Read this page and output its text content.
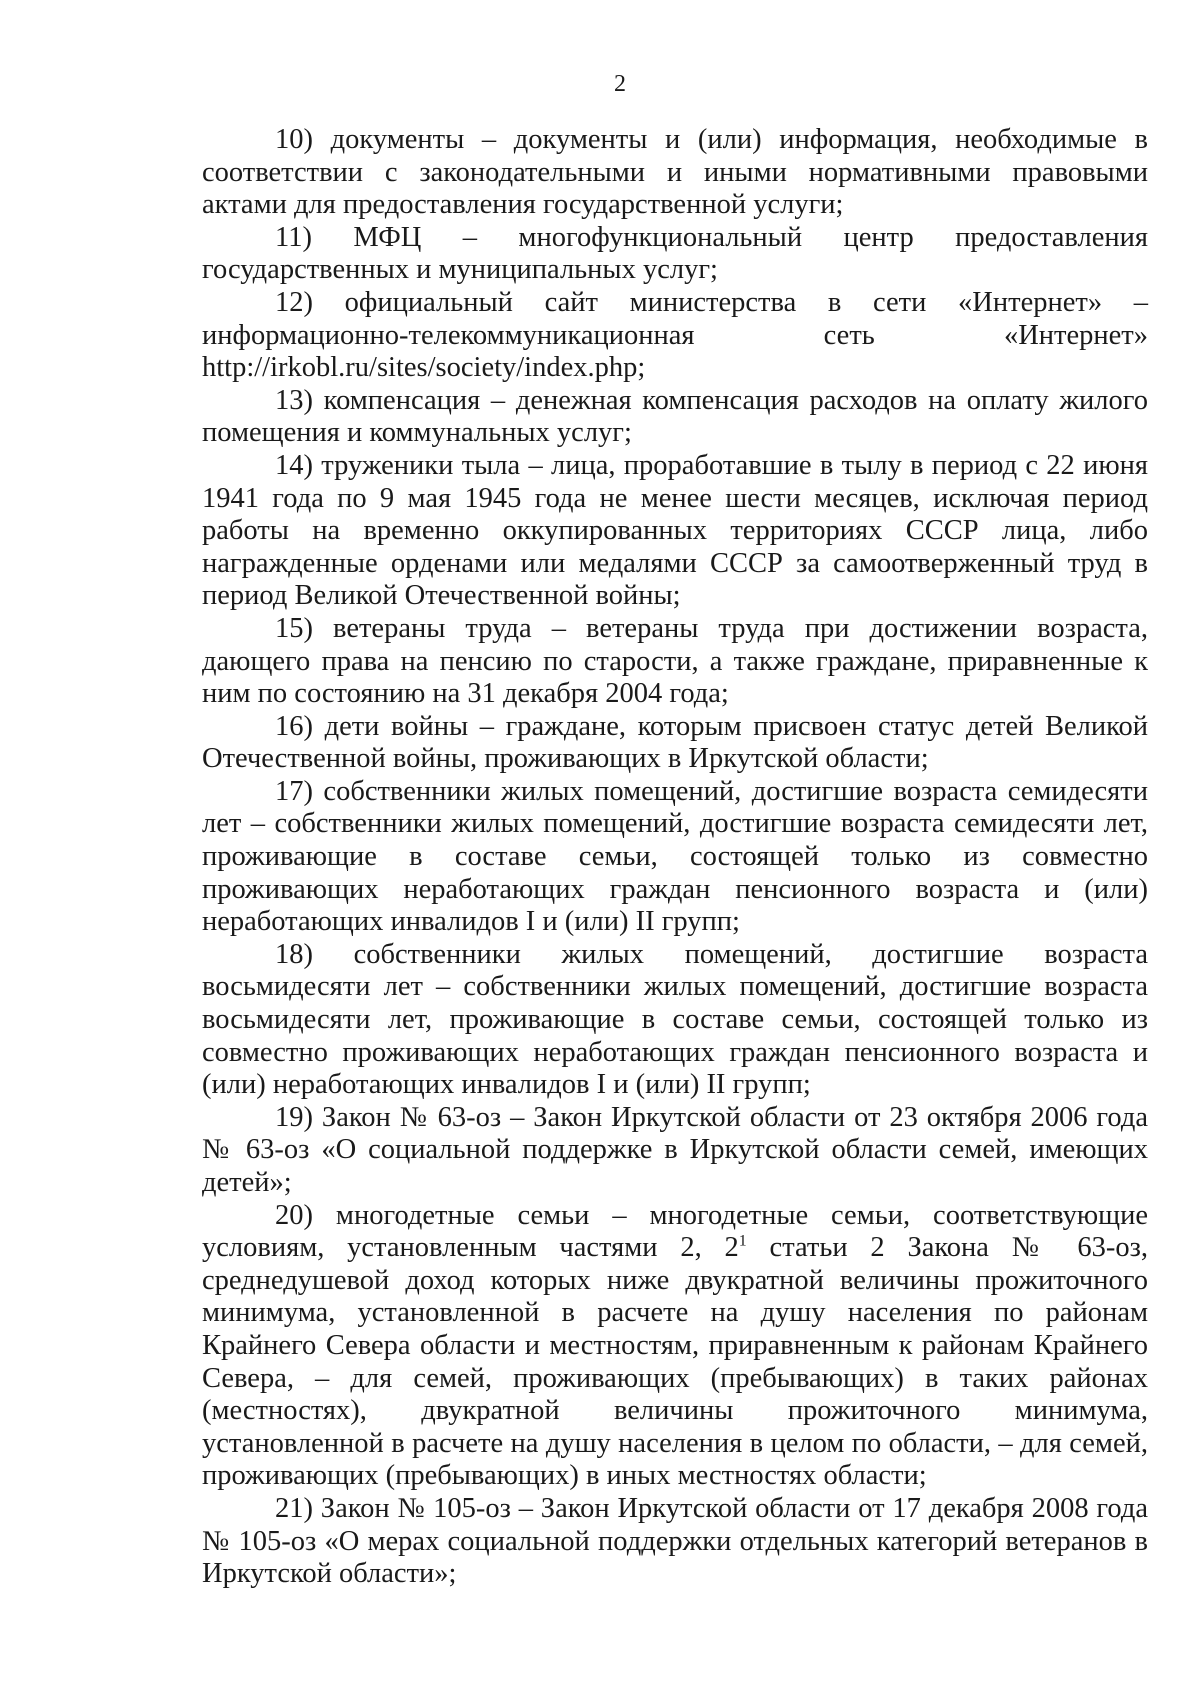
2

10) документы – документы и (или) информация, необходимые в соответствии с законодательными и иными нормативными правовыми актами для предоставления государственной услуги;

11) МФЦ – многофункциональный центр предоставления государственных и муниципальных услуг;

12) официальный сайт министерства в сети «Интернет» – информационно-телекоммуникационная сеть «Интернет» http://irkobl.ru/sites/society/index.php;

13) компенсация – денежная компенсация расходов на оплату жилого помещения и коммунальных услуг;

14) труженики тыла – лица, проработавшие в тылу в период с 22 июня 1941 года по 9 мая 1945 года не менее шести месяцев, исключая период работы на временно оккупированных территориях СССР лица, либо награжденные орденами или медалями СССР за самоотверженный труд в период Великой Отечественной войны;

15) ветераны труда – ветераны труда при достижении возраста, дающего права на пенсию по старости, а также граждане, приравненные к ним по состоянию на 31 декабря 2004 года;

16) дети войны – граждане, которым присвоен статус детей Великой Отечественной войны, проживающих в Иркутской области;

17) собственники жилых помещений, достигшие возраста семидесяти лет – собственники жилых помещений, достигшие возраста семидесяти лет, проживающие в составе семьи, состоящей только из совместно проживающих неработающих граждан пенсионного возраста и (или) неработающих инвалидов I и (или) II групп;

18) собственники жилых помещений, достигшие возраста восьмидесяти лет – собственники жилых помещений, достигшие возраста восьмидесяти лет, проживающие в составе семьи, состоящей только из совместно проживающих неработающих граждан пенсионного возраста и (или) неработающих инвалидов I и (или) II групп;

19) Закон № 63-оз – Закон Иркутской области от 23 октября 2006 года № 63-оз «О социальной поддержке в Иркутской области семей, имеющих детей»;

20) многодетные семьи – многодетные семьи, соответствующие условиям, установленным частями 2, $2^1$ статьи 2 Закона № 63-оз, среднедушевой доход которых ниже двукратной величины прожиточного минимума, установленной в расчете на душу населения по районам Крайнего Севера области и местностям, приравненным к районам Крайнего Севера, – для семей, проживающих (пребывающих) в таких районах (местностях), двукратной величины прожиточного минимума, установленной в расчете на душу населения в целом по области, – для семей, проживающих (пребывающих) в иных местностях области;

21) Закон № 105-оз – Закон Иркутской области от 17 декабря 2008 года № 105-оз «О мерах социальной поддержки отдельных категорий ветеранов в Иркутской области»;
